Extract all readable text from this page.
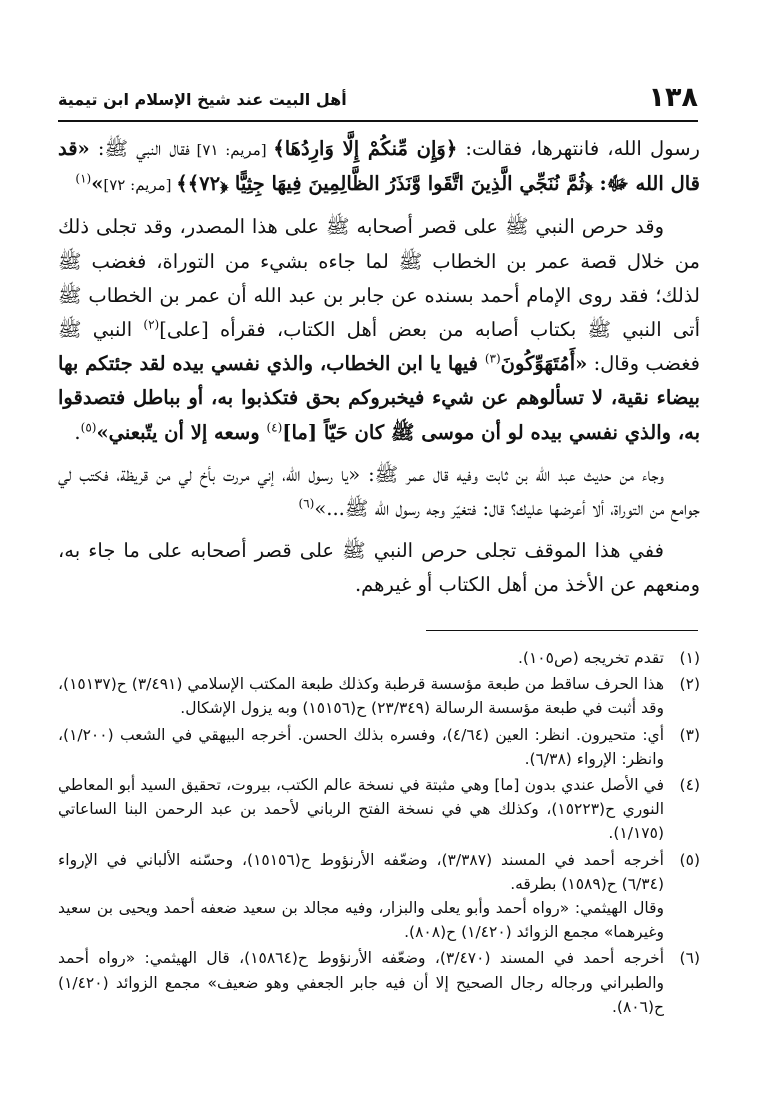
١٣٨
أهل البيت عند شيخ الإسلام ابن تيمية

رسول الله، فانتهرها، فقالت: ﴿وَإِن مِّنكُمْ إِلَّا وَارِدُهَا﴾ [مريم: ٧١] فقال النبي ﷺ: «قد قال الله ﷻ: ﴿ثُمَّ نُنَجِّي الَّذِينَ اتَّقَوا وَّنَذَرُ الظَّالِمِينَ فِيهَا جِثِيًّا ﴿٧٢﴾﴾ [مريم: ٧٢]»$^{(١)}$

وقد حرص النبي ﷺ على قصر أصحابه ﷺ على هذا المصدر، وقد تجلى ذلك من خلال قصة عمر بن الخطاب ﷺ لما جاءه بشيء من التوراة، فغضب ﷺ لذلك؛ فقد روى الإمام أحمد بسنده عن جابر بن عبد الله أن عمر بن الخطاب ﷺ أتى النبي ﷺ بكتاب أصابه من بعض أهل الكتاب، فقرأه [على]$^{(٢)}$ النبي ﷺ فغضب وقال: «أَمُتَهَوِّكُونَ$^{(٣)}$ فيها يا ابن الخطاب، والذي نفسي بيده لقد جئتكم بها بيضاء نقية، لا تسألوهم عن شيء فيخبروكم بحق فتكذبوا به، أو بباطل فتصدقوا به، والذي نفسي بيده لو أن موسى ﷺ كان حَيّاً [ما]$^{(٤)}$ وسعه إلا أن يتّبعني»$^{(٥)}$.

وجاء من حديث عبد الله بن ثابت وفيه قال عمر ﷺ: «يا رسول الله، إني مررت بأخ لي من قريظة، فكتب لي جوامع من التوراة، ألا أعرضها عليك؟ قال: فتغيّر وجه رسول الله ﷺ...»$^{(٦)}$

ففي هذا الموقف تجلى حرص النبي ﷺ على قصر أصحابه على ما جاء به، ومنعهم عن الأخذ من أهل الكتاب أو غيرهم.

(١)
تقدم تخريجه (ص١٠٥).
(٢)
هذا الحرف ساقط من طبعة مؤسسة قرطبة وكذلك طبعة المكتب الإسلامي (٣/٤٩١) ح(١٥١٣٧)، وقد أثبت في طبعة مؤسسة الرسالة (٢٣/٣٤٩) ح(١٥١٥٦) وبه يزول الإشكال.
(٣)
أي: متحيرون. انظر: العين (٤/٦٤)، وفسره بذلك الحسن. أخرجه البيهقي في الشعب (١/٢٠٠)، وانظر: الإرواء (٦/٣٨).
(٤)
في الأصل عندي بدون [ما] وهي مثبتة في نسخة عالم الكتب، بيروت، تحقيق السيد أبو المعاطي النوري ح(١٥٢٢٣)، وكذلك هي في نسخة الفتح الرباني لأحمد بن عبد الرحمن البنا الساعاتي (١/١٧٥).
(٥)
أخرجه أحمد في المسند (٣/٣٨٧)، وضعّفه الأرنؤوط ح(١٥١٥٦)، وحسّنه الألباني في الإرواء (٦/٣٤) ح(١٥٨٩) بطرقه.
وقال الهيثمي: «رواه أحمد وأبو يعلى والبزار، وفيه مجالد بن سعيد ضعفه أحمد ويحيى بن سعيد وغيرهما» مجمع الزوائد (١/٤٢٠) ح(٨٠٨).
(٦)
أخرجه أحمد في المسند (٣/٤٧٠)، وضعّفه الأرنؤوط ح(١٥٨٦٤)، قال الهيثمي: «رواه أحمد والطبراني ورجاله رجال الصحيح إلا أن فيه جابر الجعفي وهو ضعيف» مجمع الزوائد (١/٤٢٠) ح(٨٠٦).
